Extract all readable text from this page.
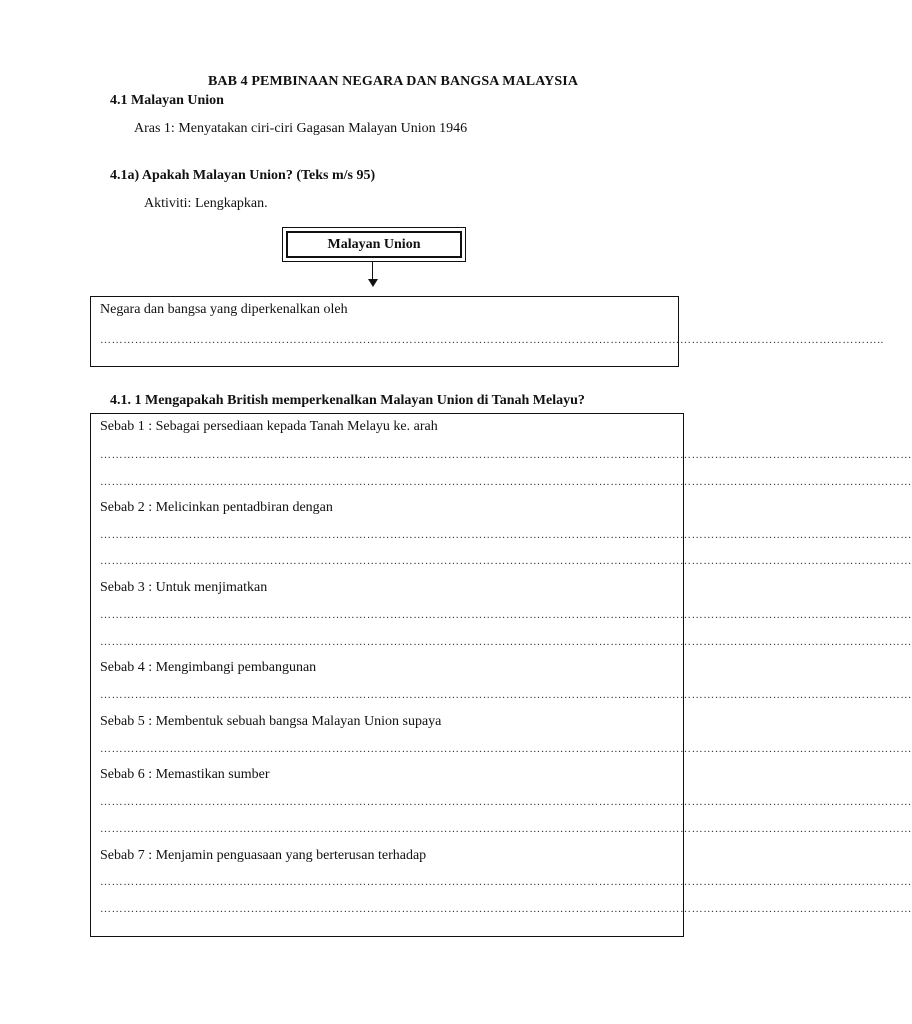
BAB 4 PEMBINAAN NEGARA DAN BANGSA MALAYSIA
4.1 Malayan Union
Aras 1: Menyatakan ciri-ciri Gagasan Malayan Union 1946
4.1a) Apakah Malayan Union? (Teks m/s 95)
Aktiviti: Lengkapkan.
Malayan Union
Negara dan bangsa yang diperkenalkan oleh
…………………………………………………………………………………………………………………………………………………………………………………..
4.1. 1 Mengapakah British memperkenalkan Malayan Union di Tanah Melayu?
Sebab 1 : Sebagai persediaan kepada Tanah Melayu ke. arah
…………………………………………………………………………………………………………………………………………………………………………………………
…………………………………………………………………………………………………………………………………………………………………………………………
Sebab 2 : Melicinkan pentadbiran dengan
…………………………………………………………………………………………………………………………………………………………………………………………
…………………………………………………………………………………………………………………………………………………………………………………………
Sebab 3 : Untuk menjimatkan
…………………………………………………………………………………………………………………………………………………………………………………………
…………………………………………………………………………………………………………………………………………………………………………………………
Sebab 4 : Mengimbangi pembangunan
…………………………………………………………………………………………………………………………………………………………………………………………
Sebab 5 : Membentuk sebuah bangsa Malayan Union supaya
…………………………………………………………………………………………………………………………………………………………………………………………
Sebab 6 : Memastikan sumber
…………………………………………………………………………………………………………………………………………………………………………………………
…………………………………………………………………………………………………………………………………………………………………………………………
Sebab 7 : Menjamin penguasaan yang berterusan terhadap
…………………………………………………………………………………………………………………………………………………………………………………………
…………………………………………………………………………………………………………………………………………………………………………………………
